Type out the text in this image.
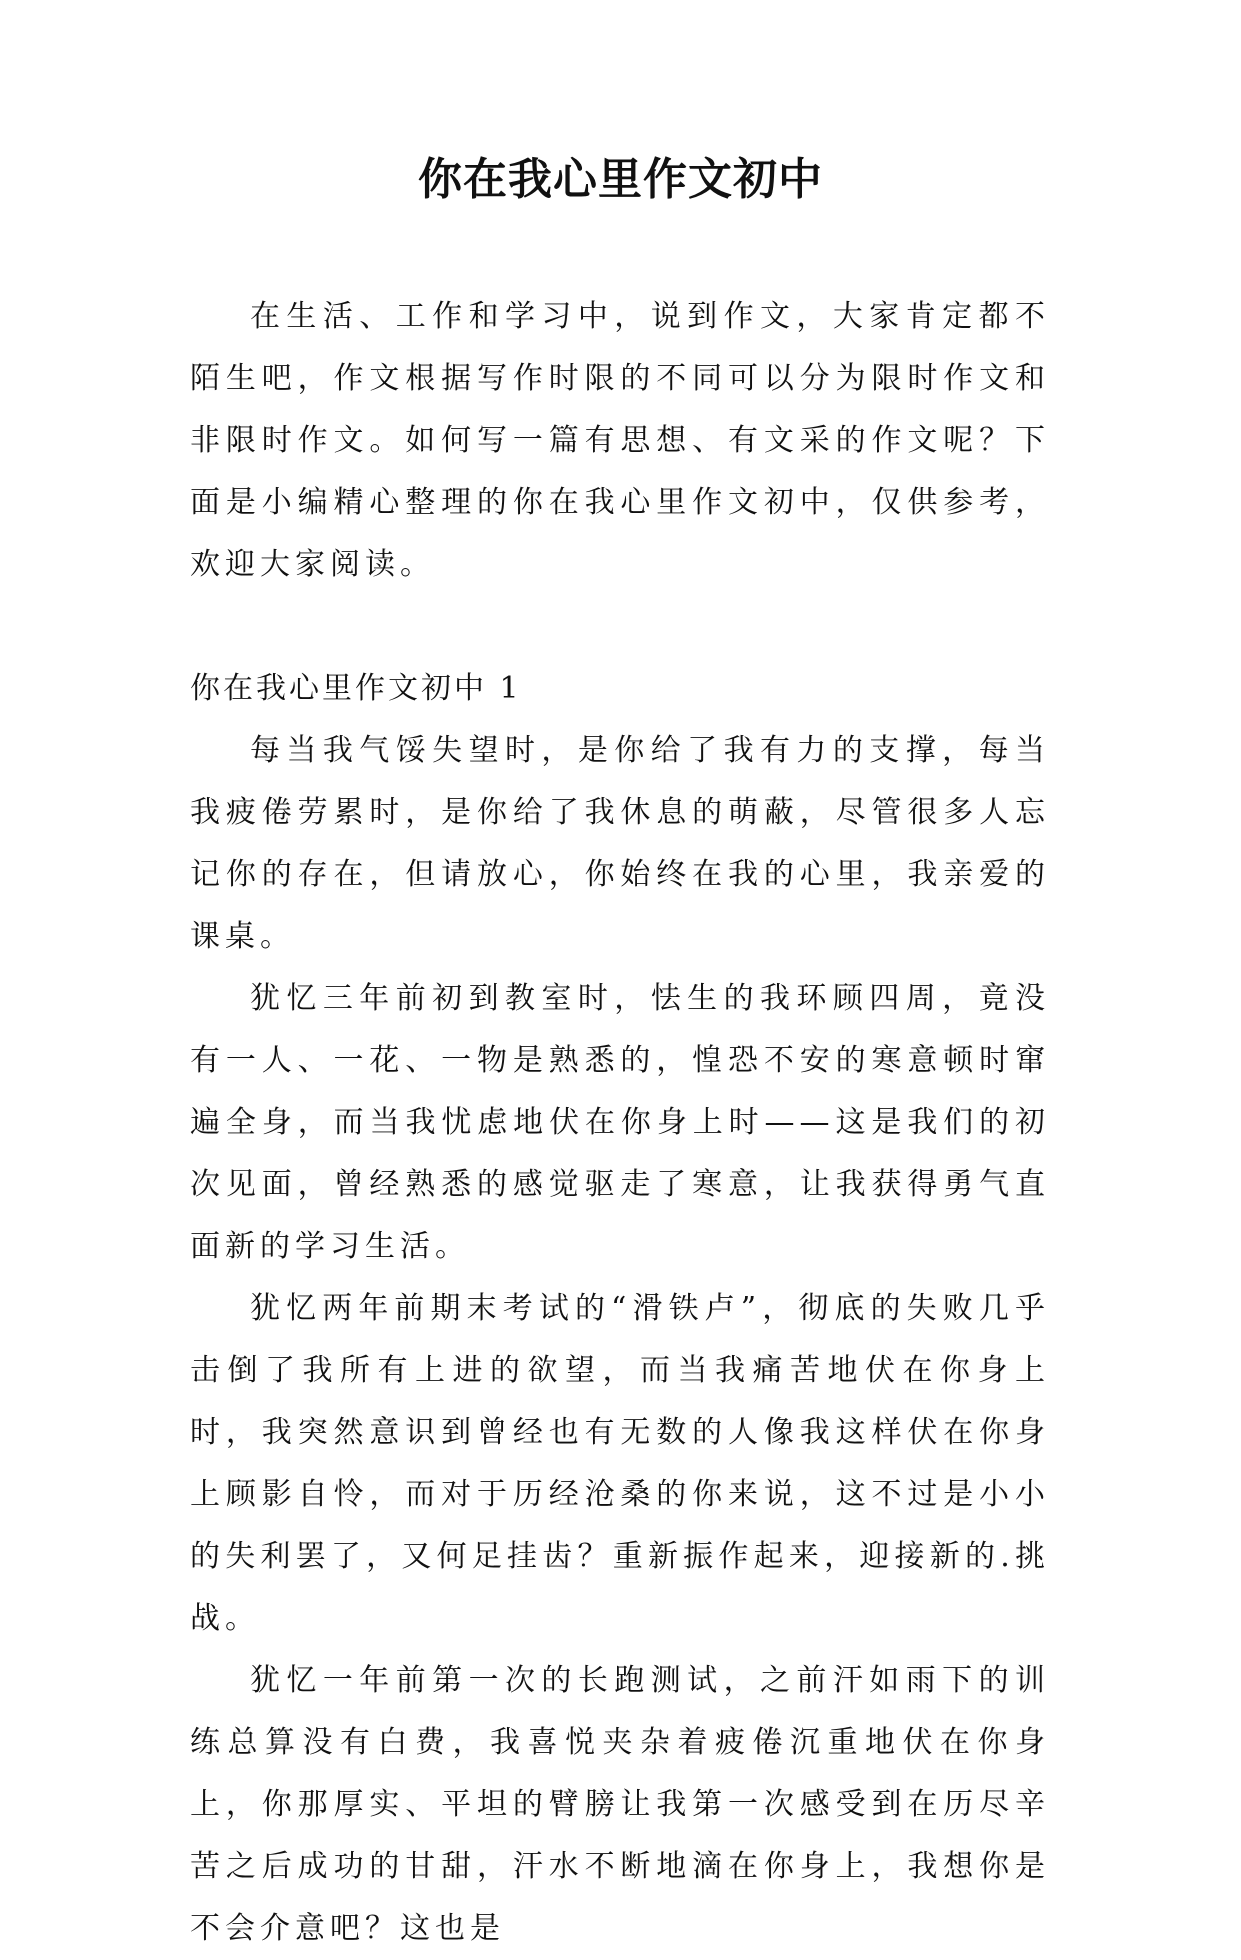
你在我心里作文初中

在生活、工作和学习中，说到作文，大家肯定都不陌生吧，作文根据写作时限的不同可以分为限时作文和非限时作文。如何写一篇有思想、有文采的作文呢？下面是小编精心整理的你在我心里作文初中，仅供参考，欢迎大家阅读。

你在我心里作文初中 1

每当我气馁失望时，是你给了我有力的支撑，每当我疲倦劳累时，是你给了我休息的萌蔽，尽管很多人忘记你的存在，但请放心，你始终在我的心里，我亲爱的课桌。

犹忆三年前初到教室时，怯生的我环顾四周，竟没有一人、一花、一物是熟悉的，惶恐不安的寒意顿时窜遍全身，而当我忧虑地伏在你身上时——这是我们的初次见面，曾经熟悉的感觉驱走了寒意，让我获得勇气直面新的学习生活。

犹忆两年前期末考试的“滑铁卢”，彻底的失败几乎击倒了我所有上进的欲望，而当我痛苦地伏在你身上时，我突然意识到曾经也有无数的人像我这样伏在你身上顾影自怜，而对于历经沧桑的你来说，这不过是小小的失利罢了，又何足挂齿？重新振作起来，迎接新的.挑战。

犹忆一年前第一次的长跑测试，之前汗如雨下的训练总算没有白费，我喜悦夹杂着疲倦沉重地伏在你身上，你那厚实、平坦的臂膀让我第一次感受到在历尽辛苦之后成功的甘甜，汗水不断地滴在你身上，我想你是不会介意吧？这也是
